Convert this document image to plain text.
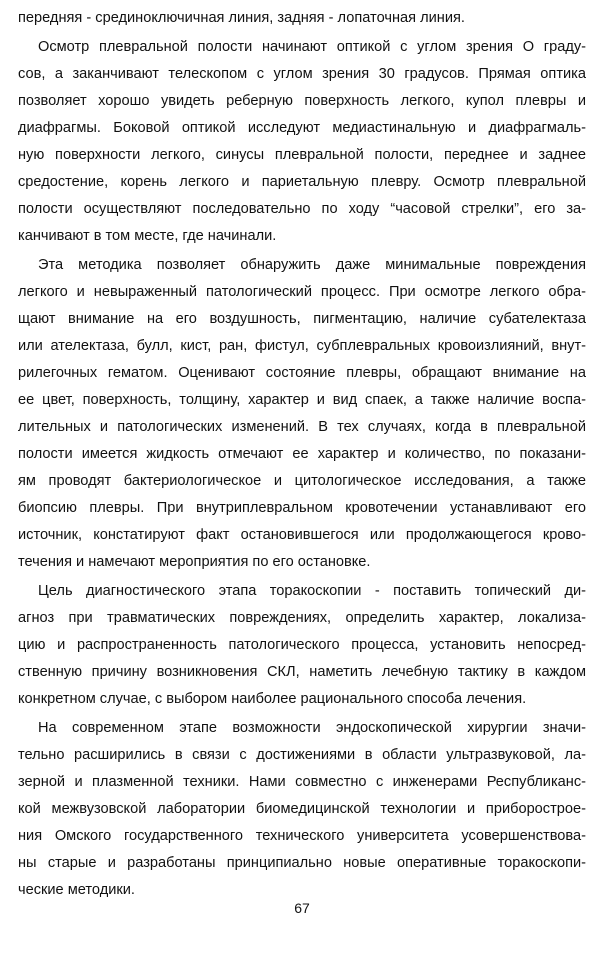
передняя - срединоключичная линия, задняя - лопаточная линия.
Осмотр плевральной полости начинают оптикой с углом зрения О граду-
сов, а заканчивают телескопом с углом зрения 30 градусов. Прямая оптика
позволяет хорошо увидеть реберную поверхность легкого, купол плевры и
диафрагмы. Боковой оптикой исследуют медиастинальную и диафрагмаль-
ную поверхности легкого, синусы плевральной полости, переднее и заднее
средостение, корень легкого и париетальную плевру. Осмотр плевральной
полости осуществляют последовательно по ходу “часовой стрелки”, его за-
канчивают в том месте, где начинали.
Эта методика позволяет обнаружить даже минимальные повреждения
легкого и невыраженный патологический процесс. При осмотре легкого обра-
щают внимание на его воздушность, пигментацию, наличие субателектаза
или ателектаза, булл, кист, ран, фистул, субплевральных кровоизлияний, внут-
рилегочных гематом. Оценивают состояние плевры, обращают внимание на
ее цвет, поверхность, толщину, характер и вид спаек, а также наличие воспа-
лительных и патологических изменений. В тех случаях, когда в плевральной
полости имеется жидкость отмечают ее характер и количество, по показани-
ям проводят бактериологическое и цитологическое исследования, а также
биопсию плевры. При внутриплевральном кровотечении устанавливают его
источник, констатируют факт остановившегося или продолжающегося крово-
течения и намечают мероприятия по его остановке.
Цель диагностического этапа торакоскопии - поставить топический ди-
агноз при травматических повреждениях, определить характер, локализа-
цию и распространенность патологического процесса, установить непосред-
ственную причину возникновения СКЛ, наметить лечебную тактику в каждом
конкретном случае, с выбором наиболее рационального способа лечения.
На современном этапе возможности эндоскопической хирургии значи-
тельно расширились в связи с достижениями в области ультразвуковой, ла-
зерной и плазменной техники. Нами совместно с инженерами Республиканс-
кой межвузовской лаборатории биомедицинской технологии и приборострое-
ния Омского государственного технического университета усовершенствова-
ны старые и разработаны принципиально новые оперативные торакоскопи-
ческие методики.
67
